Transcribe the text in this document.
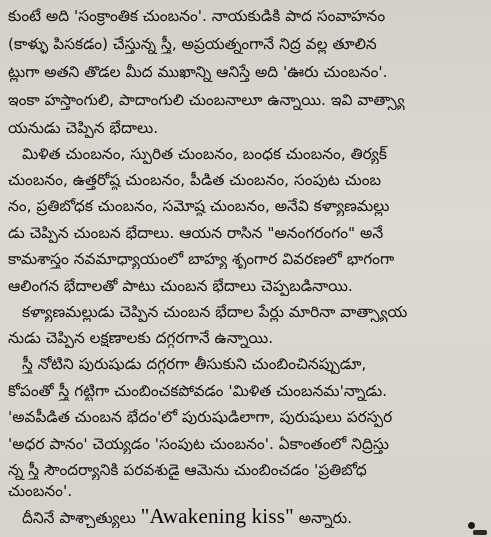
కుంటే అది 'సంక్రాంతిక చుంబనం'. నాయకుడికి పాద సంవాహనం
(కాళ్ళు పిసకడం) చేస్తున్న స్త్రీ, అప్రయత్నంగానే నిద్ర వల్ల తూలిన
ట్లుగా అతని తొడల మీద ముఖాన్ని ఆనిస్తే అది 'ఊరు చుంబనం'.
ఇంకా హస్తాంగులి, పాదాంగులి చుంబనాలూ ఉన్నాయి. ఇవి వాత్స్యా
యనుడు చెప్పిన భేదాలు.
మిళిత చుంబనం, స్ఫురిత చుంబనం, బంధక చుంబనం, తిర్యక్
చుంబనం, ఉత్తరోష్ఠ చుంబనం, పీడిత చుంబనం, సంపుట చుంబ
నం, ప్రతిబోధక చుంబనం, సమోష్ఠ చుంబనం, అనేవి కళ్యాణమల్లు
డు చెప్పిన చుంబన భేదాలు. ఆయన రాసిన "అనంగరంగం" అనే
కామశాస్త్రం నవమాధ్యాయంలో బాహ్య శృంగార వివరణలో భాగంగా
ఆలింగన భేదాలతో పాటు చుంబన భేదాలు చెప్పబడినాయి.
కళ్యాణమల్లుడు చెప్పిన చుంబన భేదాల పేర్లు మారినా వాత్స్యాయ
నుడు చెప్పిన లక్షణాలకు దగ్గరగానే ఉన్నాయి.
స్త్రీ నోటిని పురుషుడు దగ్గరగా తీసుకుని చుంబించినప్పుడూ,
కోపంతో స్త్రీ గట్టిగా చుంబించకపోవడం 'మిళిత చుంబనమ'న్నాడు.
'అవపీడిత చుంబన భేదం'లో పురుషుడిలాగా, పురుషులు పరస్పర
'అధర పానం' చెయ్యడం 'సంపుట చుంబనం'. ఏకాంతంలో నిద్రిస్తు
న్న స్త్రీ సౌందర్యానికి పరవశుడై ఆమెను చుంబించడం 'ప్రతిబోధ
చుంబనం'.
దీనినే పాశ్చాత్యులు "Awakening kiss" అన్నారు.
